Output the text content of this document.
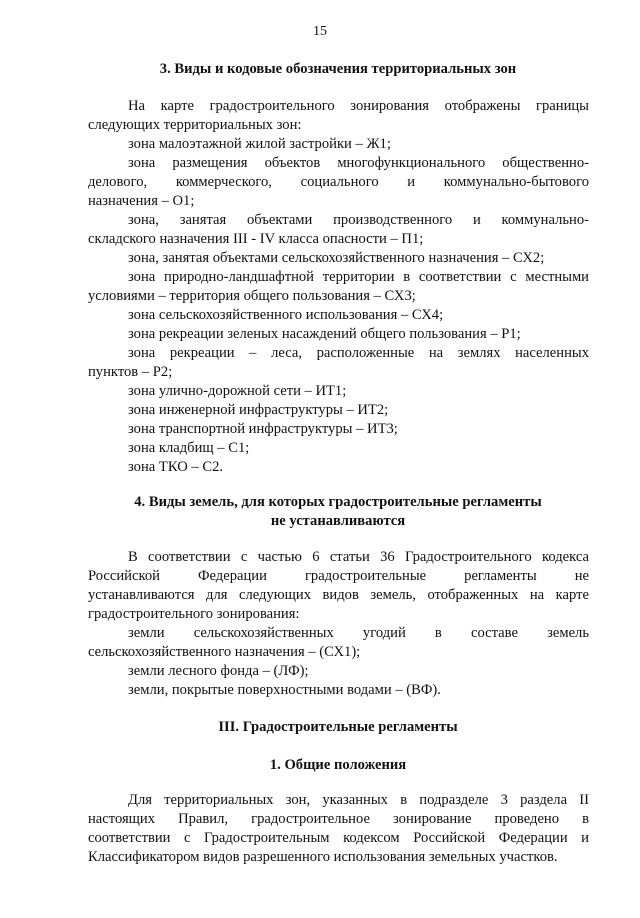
15
3. Виды и кодовые обозначения территориальных зон
На карте градостроительного зонирования отображены границы
следующих территориальных зон:
зона малоэтажной жилой застройки – Ж1;
зона размещения объектов многофункционального общественно-
делового, коммерческого, социального и коммунально-бытового
назначения – О1;
зона, занятая объектами производственного и коммунально-
складского назначения III - IV класса опасности – П1;
зона, занятая объектами сельскохозяйственного назначения – СХ2;
зона природно-ландшафтной территории в соответствии с местными
условиями – территория общего пользования – СХ3;
зона сельскохозяйственного использования – СХ4;
зона рекреации зеленых насаждений общего пользования – Р1;
зона рекреации – леса, расположенные на землях населенных
пунктов – Р2;
зона улично-дорожной сети – ИТ1;
зона инженерной инфраструктуры – ИТ2;
зона транспортной инфраструктуры – ИТ3;
зона кладбищ – С1;
зона ТКО – С2.
4. Виды земель, для которых градостроительные регламенты
не устанавливаются
В соответствии с частью 6 статьи 36 Градостроительного кодекса
Российской Федерации градостроительные регламенты не
устанавливаются для следующих видов земель, отображенных на карте
градостроительного зонирования:
земли сельскохозяйственных угодий в составе земель
сельскохозяйственного назначения – (СХ1);
земли лесного фонда – (ЛФ);
земли, покрытые поверхностными водами – (ВФ).
III. Градостроительные регламенты
1. Общие положения
Для территориальных зон, указанных в подразделе 3 раздела II
настоящих Правил, градостроительное зонирование проведено в
соответствии с Градостроительным кодексом Российской Федерации и
Классификатором видов разрешенного использования земельных участков.
